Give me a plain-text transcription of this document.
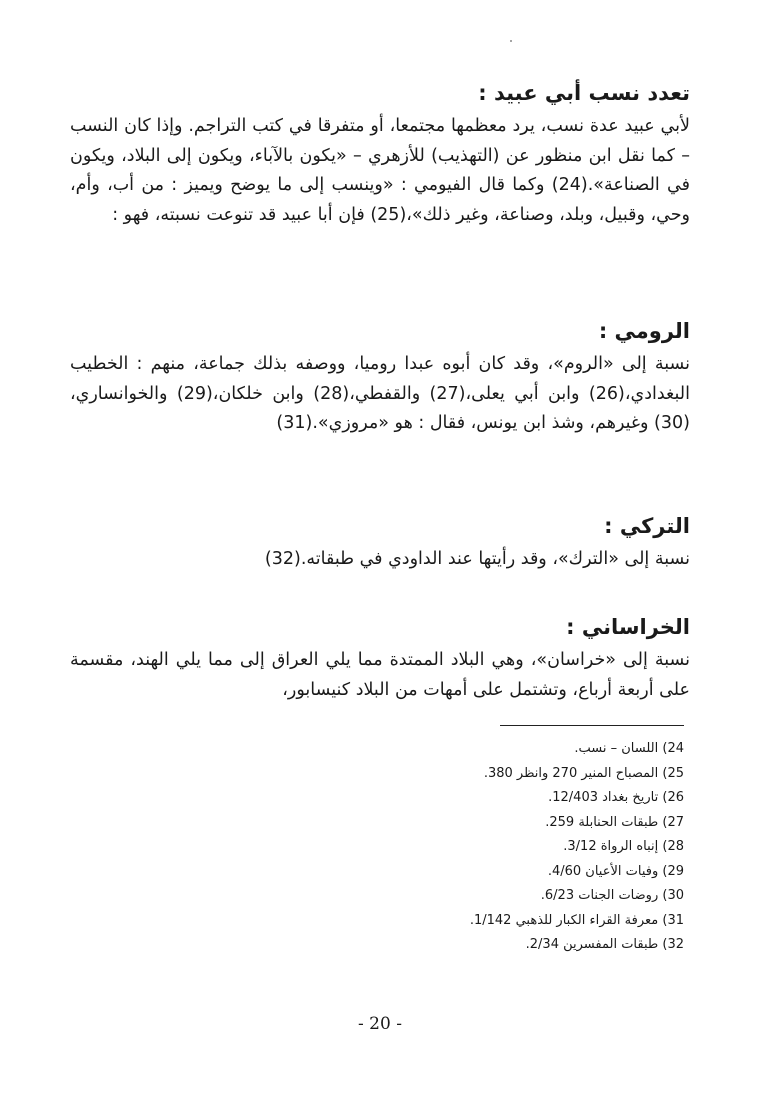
تعدد نسب أبي عبيد :

لأبي عبيد عدة نسب، يرد معظمها مجتمعا، أو متفرقا في كتب التراجم. وإذا كان النسب – كما نقل ابن منظور عن (التهذيب) للأزهري – «يكون بالآباء، ويكون إلى البلاد، ويكون في الصناعة».(24) وكما قال الفيومي : «وينسب إلى ما يوضح ويميز : من أب، وأم، وحي، وقبيل، وبلد، وصناعة، وغير ذلك»،(25) فإن أبا عبيد قد تنوعت نسبته، فهو :

الرومي :

نسبة إلى «الروم»، وقد كان أبوه عبدا روميا، ووصفه بذلك جماعة، منهم : الخطيب البغدادي،(26) وابن أبي يعلى،(27) والقفطي،(28) وابن خلكان،(29) والخوانساري،(30) وغيرهم، وشذ ابن يونس، فقال : هو «مروزي».(31)

التركي :

نسبة إلى «الترك»، وقد رأيتها عند الداودي في طبقاته.(32)

الخراساني :

نسبة إلى «خراسان»، وهي البلاد الممتدة مما يلي العراق إلى مما يلي الهند، مقسمة على أربعة أرباع، وتشتمل على أمهات من البلاد كنيسابور،

24) اللسان – نسب.
25) المصباح المنير 270 وانظر 380.
26) تاريخ بغداد 12/403.
27) طبقات الحنابلة 259.
28) إنباه الرواة 3/12.
29) وفيات الأعيان 4/60.
30) روضات الجنات 6/23.
31) معرفة القراء الكبار للذهبي 1/142.
32) طبقات المفسرين 2/34.
- 20 -
